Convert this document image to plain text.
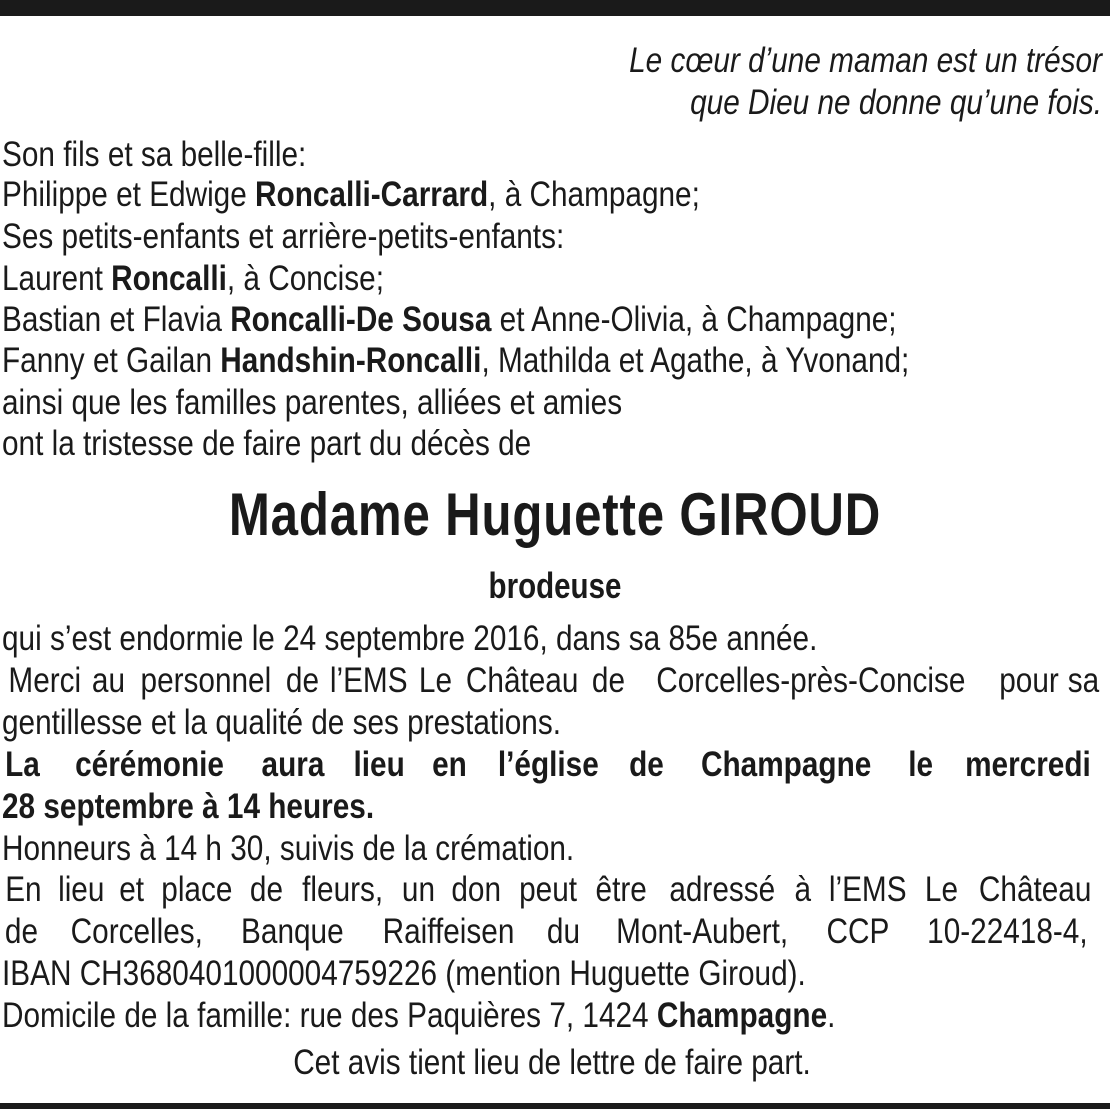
Le cœur d’une maman est un trésor
que Dieu ne donne qu’une fois.
Son fils et sa belle-fille:
Philippe et Edwige Roncalli-Carrard, à Champagne;
Ses petits-enfants et arrière-petits-enfants:
Laurent Roncalli, à Concise;
Bastian et Flavia Roncalli-De Sousa et Anne-Olivia, à Champagne;
Fanny et Gailan Handshin-Roncalli, Mathilda et Agathe, à Yvonand;
ainsi que les familles parentes, alliées et amies
ont la tristesse de faire part du décès de
Madame Huguette GIROUD
brodeuse
qui s’est endormie le 24 septembre 2016, dans sa 85e année.
Merci au personnel de l’EMS Le Château de Corcelles-près-Concise pour sa
gentillesse et la qualité de ses prestations.
La cérémonie aura lieu en l’église de Champagne le mercredi
28 septembre à 14 heures.
Honneurs à 14 h 30, suivis de la crémation.
En lieu et place de fleurs, un don peut être adressé à l’EMS Le Château
de Corcelles, Banque Raiffeisen du Mont-Aubert, CCP 10-22418-4,
IBAN CH3680401000004759226 (mention Huguette Giroud).
Domicile de la famille: rue des Paquières 7, 1424 Champagne.
Cet avis tient lieu de lettre de faire part.
